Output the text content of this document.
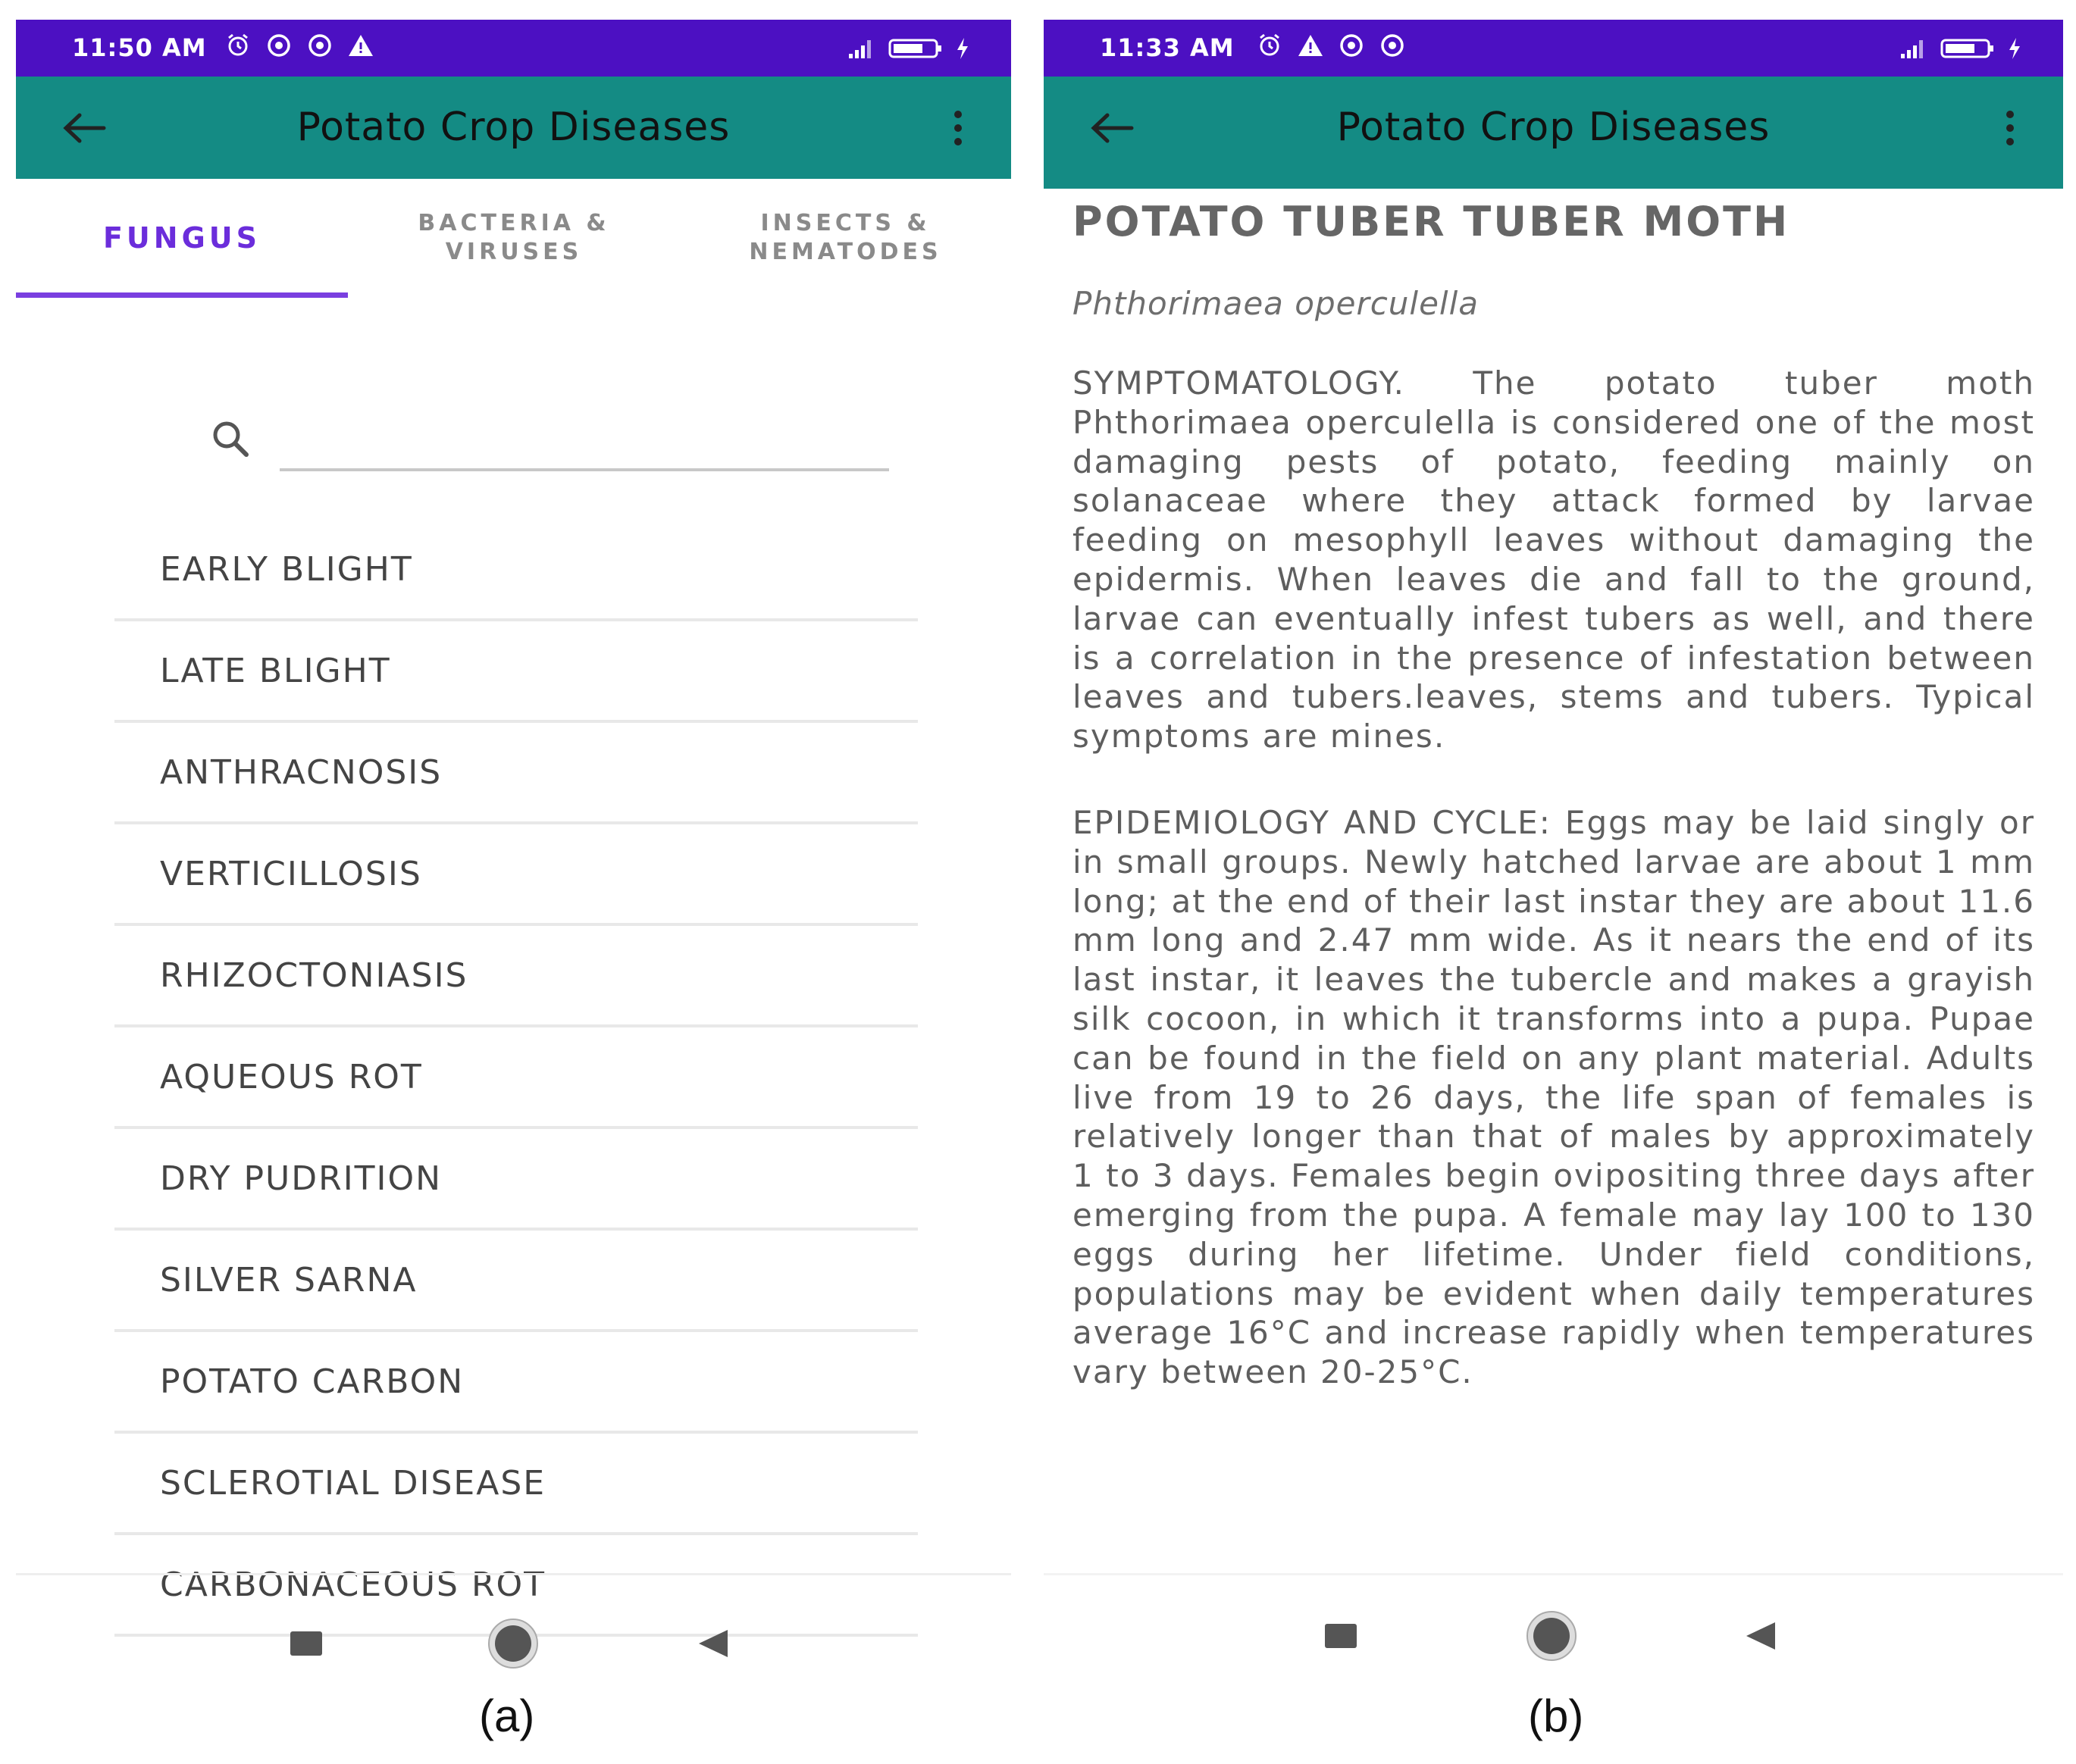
11:50 AM
Potato Crop Diseases
FUNGUS	BACTERIA &
VIRUSES
INSECTS &
NEMATODES
EARLY BLIGHT
LATE BLIGHT
ANTHRACNOSIS
VERTICILLOSIS
RHIZOCTONIASIS
AQUEOUS ROT
DRY PUDRITION
SILVER SARNA
POTATO CARBON
SCLEROTIAL DISEASE
CARBONACEOUS ROT
11:33 AM
Potato Crop Diseases
POTATO TUBER TUBER MOTH

Phthorimaea operculella

SYMPTOMATOLOGY. The potato tuber moth Phthorimaea operculella is considered one of the most damaging pests of potato, feeding mainly on solanaceae where they attack formed by larvae feeding on mesophyll leaves without damaging the epidermis. When leaves die and fall to the ground, larvae can eventually infest tubers as well, and there is a correlation in the presence of infestation between leaves and tubers.leaves, stems and tubers. Typical symptoms are mines.

EPIDEMIOLOGY AND CYCLE: Eggs may be laid singly or in small groups. Newly hatched larvae are about 1 mm long; at the end of their last instar they are about 11.6 mm long and 2.47 mm wide. As it nears the end of its last instar, it leaves the tubercle and makes a grayish silk cocoon, in which it transforms into a pupa. Pupae can be found in the field on any plant material. Adults live from 19 to 26 days, the life span of females is relatively longer than that of males by approximately 1 to 3 days. Females begin ovipositing three days after emerging from the pupa. A female may lay 100 to 130 eggs during her lifetime. Under field conditions, populations may be evident when daily temperatures average 16°C and increase rapidly when temperatures vary between 20-25°C.

(a)	(b)
